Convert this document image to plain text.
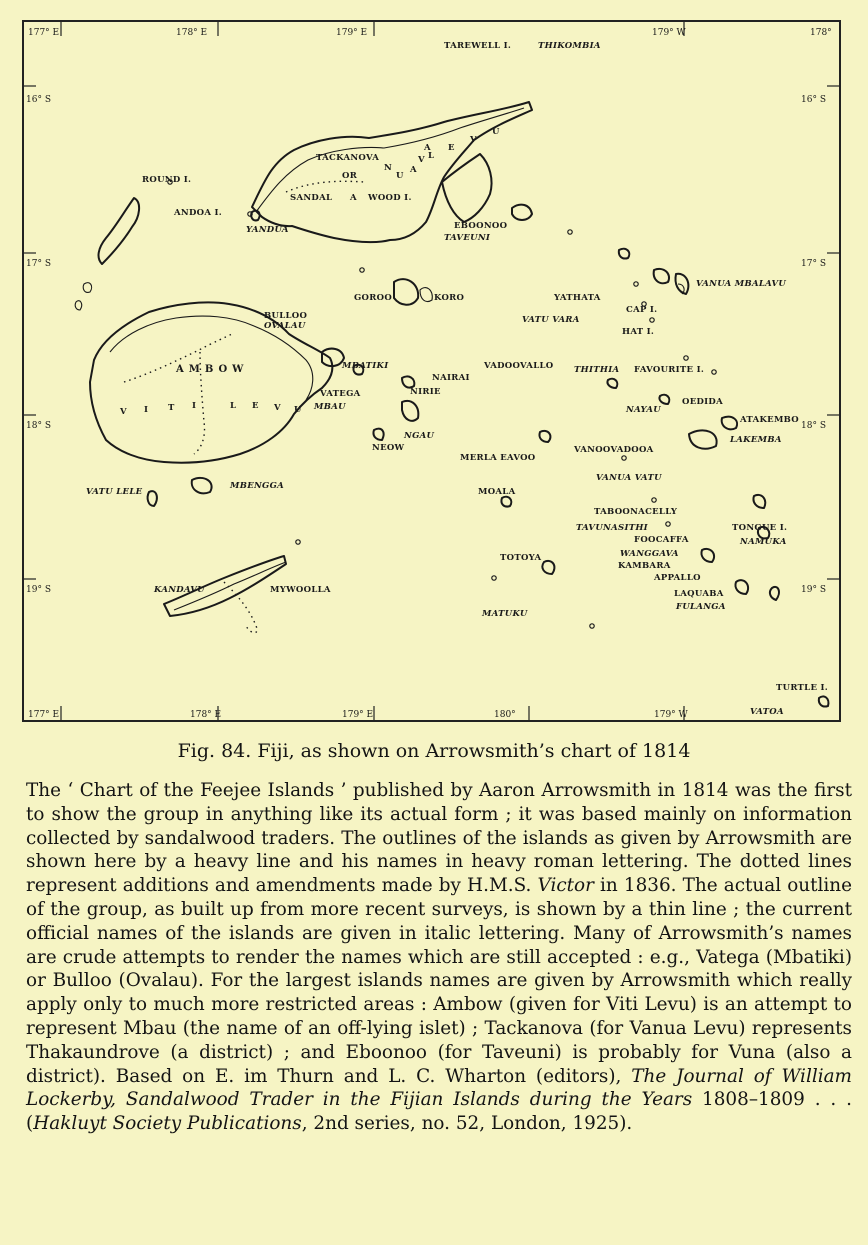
177° E	178° E	179° E	179° W	178°
177° E	178° E	179° E	180°	179° W
16° S
17° S
18° S
19° S
16° S
17° S
18° S
19° S
TAREWELL I.
ROUND I.
ANDOA I.
TACKANOVA
OR
SANDAL A WOOD I.
EBOONOO
GOROO	KORO
BULLOO
AMBOW
VATEGA
NAIRAI
NIRIE
NEOW
VADOOVALLO
MERLA EAVOO
VANOOVADOOA
TABOONACELLY
FOOCAFFA
KAMBARA
APPALLO
LAQUABA
TONGUE I.
FAVOURITE I.
OEDIDA
ATAKEMBO
CAP I.
HAT I.
YATHATA
MYWOOLLA
TOTOYA
MOALA
TURTLE I.
THIKOMBIA
TAVEUNI
YANDUA
OVALAU
MBATIKI
MBAU
NGAU
VATU LELE
MBENGGA
KANDAVU
VANUA MBALAVU
VATU VARA
THITHIA
NAYAU
LAKEMBA
VANUA VATU
TAVUNASITHI
NAMUKA
WANGGAVA
FULANGA
MATUKU
VATOA
L
E
V
U
N
U
A
V
A
V I T I	L E V U
Fig. 84. Fiji, as shown on Arrowsmith’s chart of 1814
The ‘ Chart of the Feejee Islands ’ published by Aaron Arrowsmith in 1814 was the first to show the group in anything like its actual form ; it was based mainly on information collected by sandalwood traders. The outlines of the islands as given by Arrowsmith are shown here by a heavy line and his names in heavy roman lettering. The dotted lines represent additions and amendments made by H.M.S. Victor in 1836. The actual outline of the group, as built up from more recent surveys, is shown by a thin line ; the current official names of the islands are given in italic lettering. Many of Arrowsmith’s names are crude attempts to render the names which are still accepted : e.g., Vatega (Mbatiki) or Bulloo (Ovalau). For the largest islands names are given by Arrowsmith which really apply only to much more restricted areas : Ambow (given for Viti Levu) is an attempt to represent Mbau (the name of an off-lying islet) ; Tackanova (for Vanua Levu) represents Thakaundrove (a district) ; and Eboonoo (for Taveuni) is probably for Vuna (also a district). Based on E. im Thurn and L. C. Wharton (editors), The Journal of William Lockerby, Sandalwood Trader in the Fijian Islands during the Years 1808–1809 . . . (Hakluyt Society Publications, 2nd series, no. 52, London, 1925).
